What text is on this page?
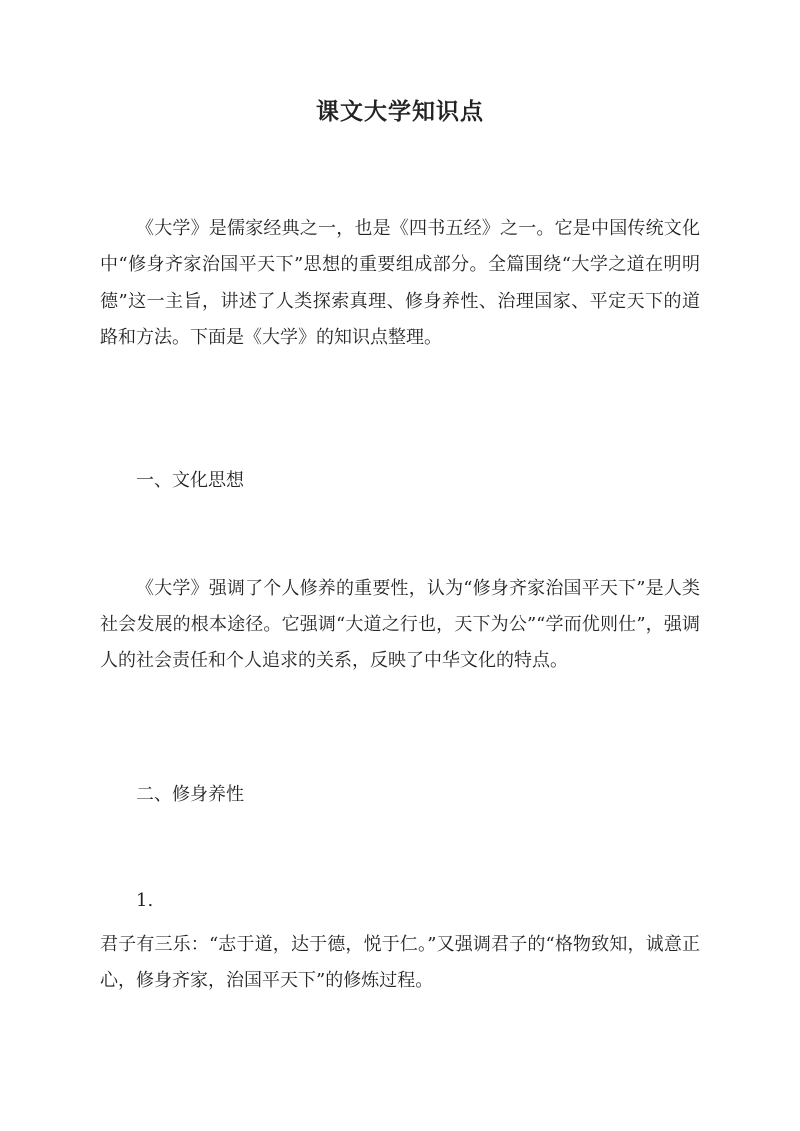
课文大学知识点

《大学》是儒家经典之一，也是《四书五经》之一。它是中国传统文化中“修身齐家治国平天下”思想的重要组成部分。全篇围绕“大学之道在明明德”这一主旨，讲述了人类探索真理、修身养性、治理国家、平定天下的道路和方法。下面是《大学》的知识点整理。

一、文化思想

《大学》强调了个人修养的重要性，认为“修身齐家治国平天下”是人类社会发展的根本途径。它强调“大道之行也，天下为公”“学而优则仕”，强调人的社会责任和个人追求的关系，反映了中华文化的特点。

二、修身养性

1.

君子有三乐：“志于道，达于德，悦于仁。”又强调君子的“格物致知，诚意正心，修身齐家，治国平天下”的修炼过程。
